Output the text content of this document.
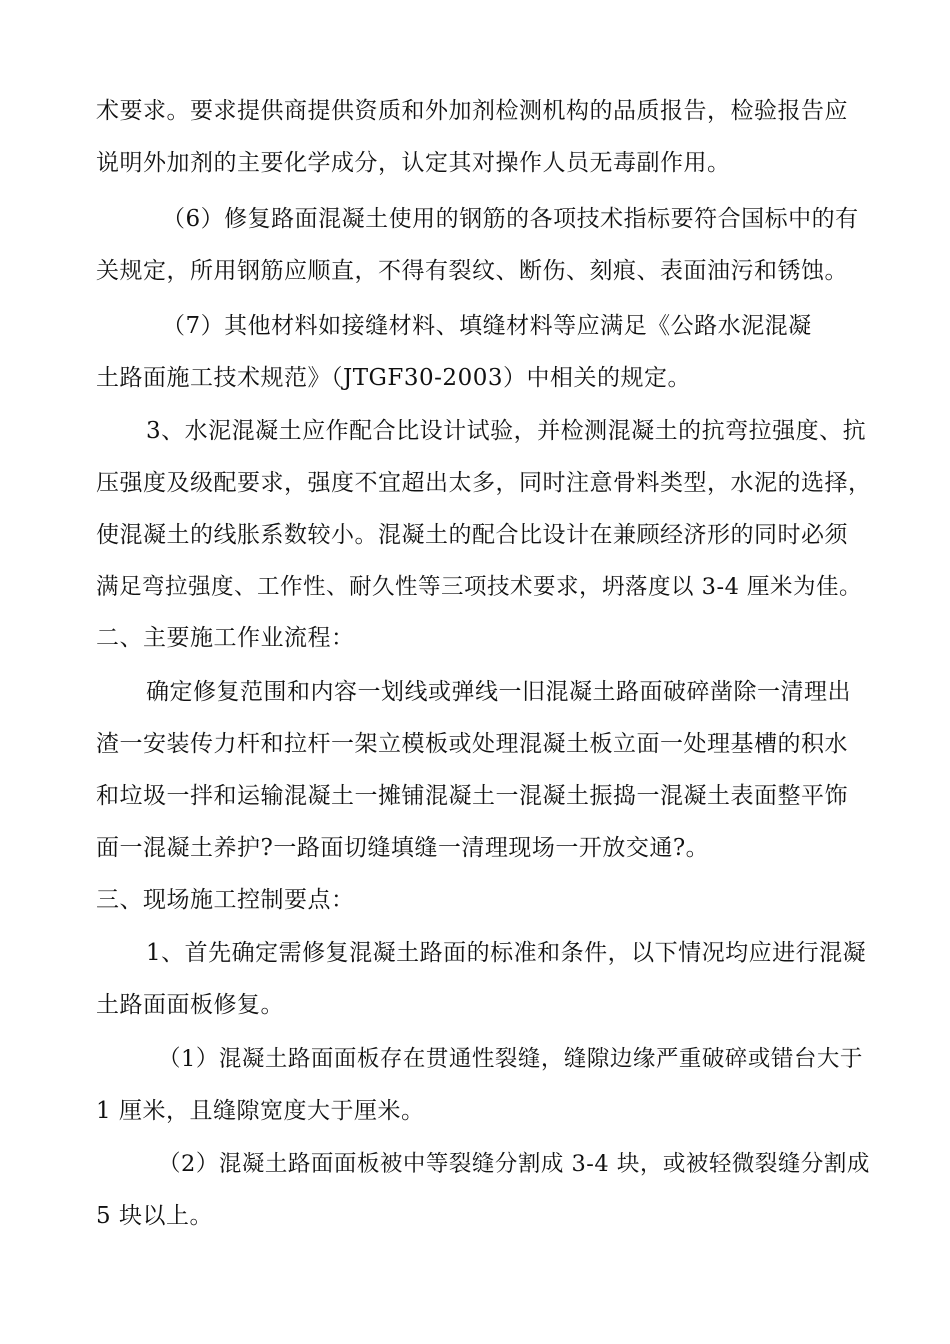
术要求。要求提供商提供资质和外加剂检测机构的品质报告，检验报告应
说明外加剂的主要化学成分，认定其对操作人员无毒副作用。
（6）修复路面混凝土使用的钢筋的各项技术指标要符合国标中的有
关规定，所用钢筋应顺直，不得有裂纹、断伤、刻痕、表面油污和锈蚀。
（7）其他材料如接缝材料、填缝材料等应满足《公路水泥混凝
土路面施工技术规范》（JTGF30-2003）中相关的规定。
3、水泥混凝土应作配合比设计试验，并检测混凝土的抗弯拉强度、抗
压强度及级配要求，强度不宜超出太多，同时注意骨料类型，水泥的选择，
使混凝土的线胀系数较小。混凝土的配合比设计在兼顾经济形的同时必须
满足弯拉强度、工作性、耐久性等三项技术要求，坍落度以 3-4 厘米为佳。
二、主要施工作业流程：
确定修复范围和内容一划线或弹线一旧混凝土路面破碎凿除一清理出
渣一安装传力杆和拉杆一架立模板或处理混凝土板立面一处理基槽的积水
和垃圾一拌和运输混凝土一摊铺混凝土一混凝土振捣一混凝土表面整平饰
面一混凝土养护?一路面切缝填缝一清理现场一开放交通?。
三、现场施工控制要点：
1、首先确定需修复混凝土路面的标准和条件，以下情况均应进行混凝
土路面面板修复。
（1）混凝土路面面板存在贯通性裂缝，缝隙边缘严重破碎或错台大于
1 厘米，且缝隙宽度大于厘米。
（2）混凝土路面面板被中等裂缝分割成 3-4 块，或被轻微裂缝分割成
5 块以上。
